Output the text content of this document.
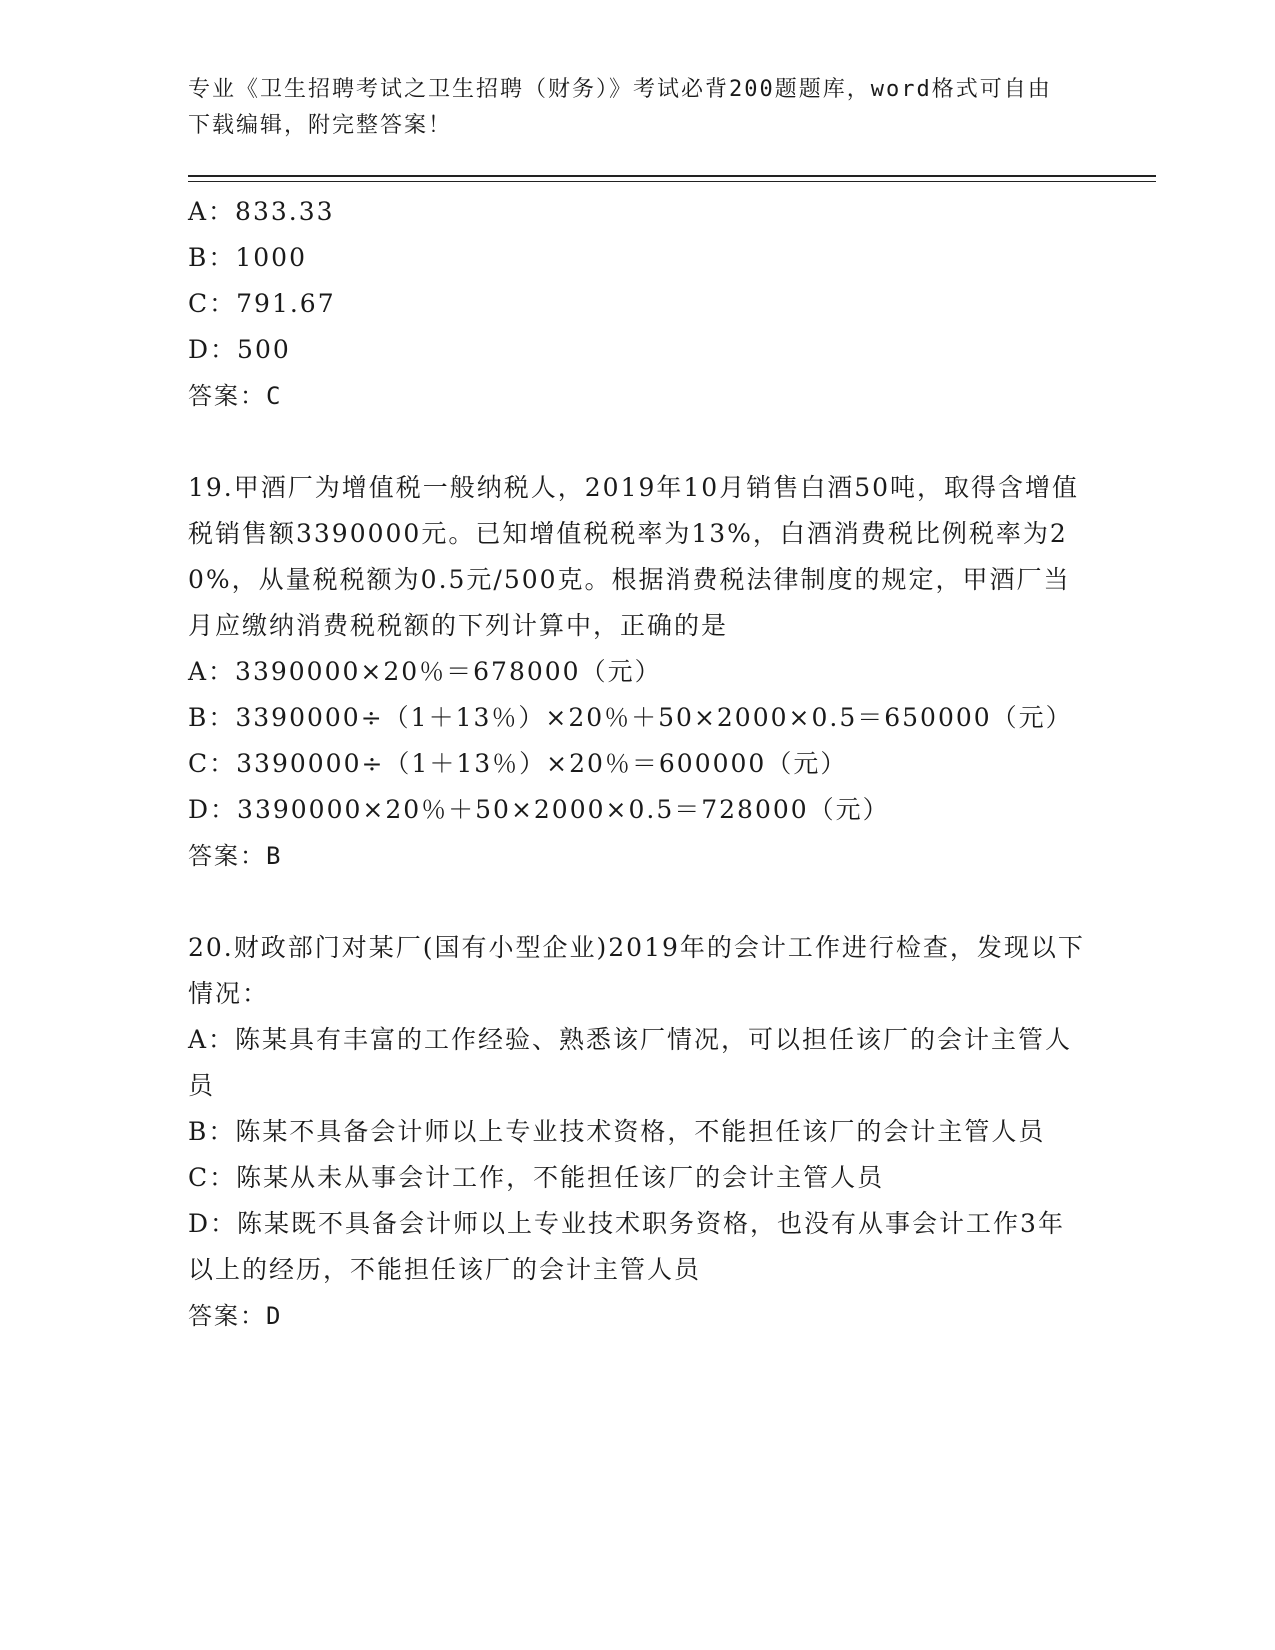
专业《卫生招聘考试之卫生招聘（财务）》考试必背200题题库，word格式可自由下载编辑，附完整答案！
A：833.33
B：1000
C：791.67
D：500
答案：C
19.甲酒厂为增值税一般纳税人，2019年10月销售白酒50吨，取得含增值税销售额3390000元。已知增值税税率为13%，白酒消费税比例税率为20%，从量税税额为0.5元/500克。根据消费税法律制度的规定，甲酒厂当月应缴纳消费税税额的下列计算中，正确的是
A：3390000×20％＝678000（元）
B：3390000÷（1＋13％）×20％＋50×2000×0.5＝650000（元）
C：3390000÷（1＋13％）×20％＝600000（元）
D：3390000×20％＋50×2000×0.5＝728000（元）
答案：B
20.财政部门对某厂(国有小型企业)2019年的会计工作进行检查，发现以下情况：
A：陈某具有丰富的工作经验、熟悉该厂情况，可以担任该厂的会计主管人员
B：陈某不具备会计师以上专业技术资格，不能担任该厂的会计主管人员
C：陈某从未从事会计工作，不能担任该厂的会计主管人员
D：陈某既不具备会计师以上专业技术职务资格，也没有从事会计工作3年以上的经历，不能担任该厂的会计主管人员
答案：D
